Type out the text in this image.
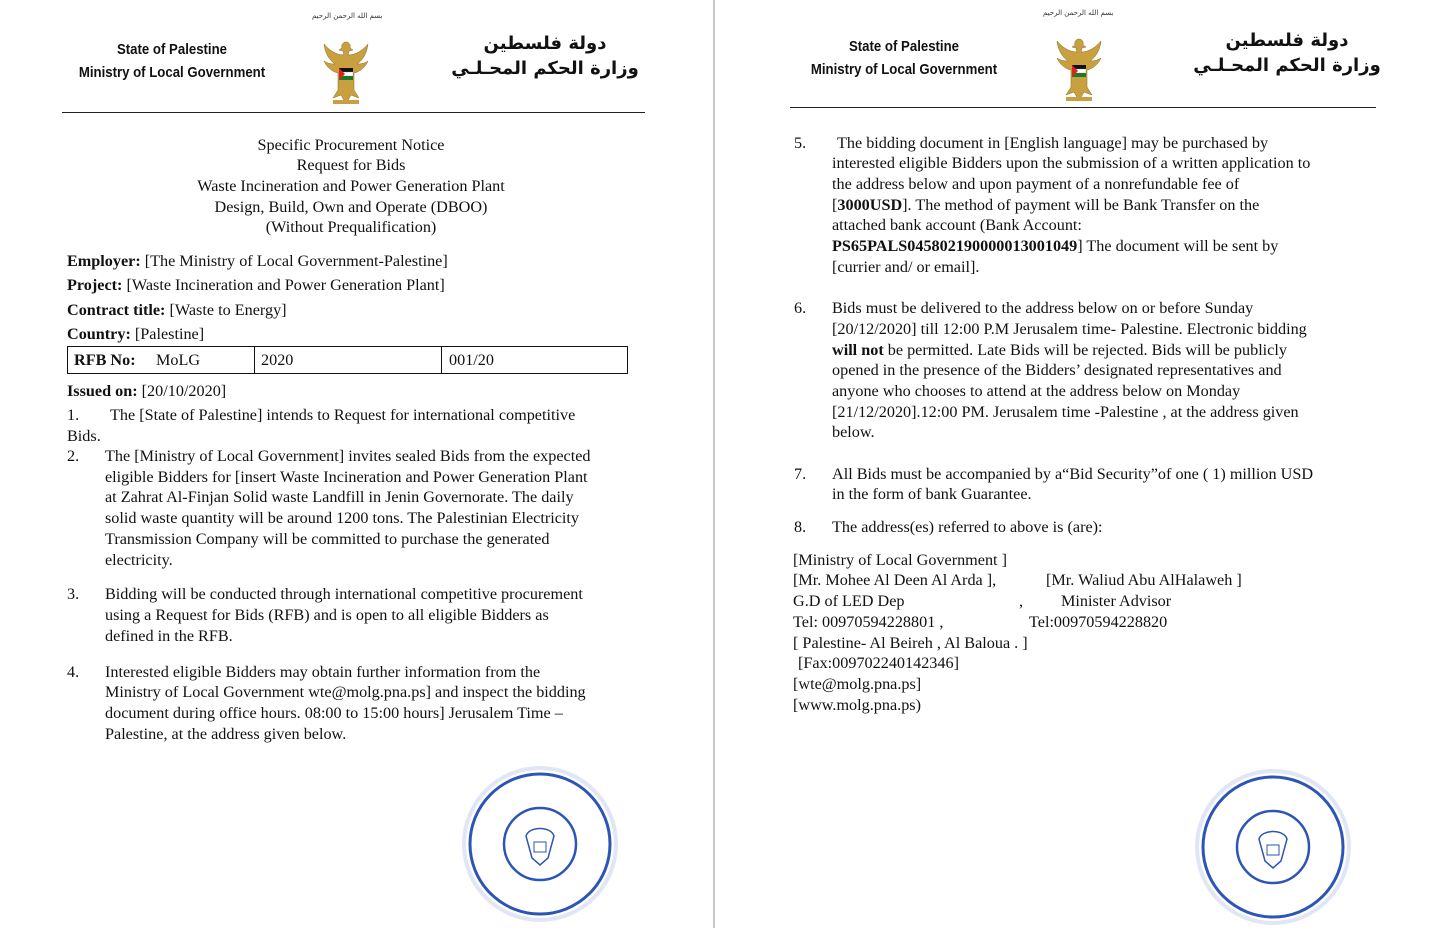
بسم الله الرحمن الرحيم
State of Palestine
Ministry of Local Government
دولة فلسطين
وزارة الحكم المحـلـي
Specific Procurement Notice
Request for Bids
Waste Incineration and Power Generation Plant
Design, Build, Own and Operate (DBOO)
(Without Prequalification)
Employer: [The Ministry of Local Government-Palestine]
Project: [Waste Incineration and Power Generation Plant]
Contract title: [Waste to Energy]
Country: [Palestine]
RFB No: MoLG	2020	001/20
Issued on: [20/10/2020]
1. The [State of Palestine] intends to Request for international competitive
Bids.
2. The [Ministry of Local Government] invites sealed Bids from the expected
eligible Bidders for [insert Waste Incineration and Power Generation Plant
at Zahrat Al-Finjan Solid waste Landfill in Jenin Governorate. The daily
solid waste quantity will be around 1200 tons. The Palestinian Electricity
Transmission Company will be committed to purchase the generated
electricity.
3. Bidding will be conducted through international competitive procurement
using a Request for Bids (RFB) and is open to all eligible Bidders as
defined in the RFB.
4. Interested eligible Bidders may obtain further information from the
Ministry of Local Government wte@molg.pna.ps] and inspect the bidding
document during office hours. 08:00 to 15:00 hours] Jerusalem Time –
Palestine, at the address given below.
بسم الله الرحمن الرحيم
State of Palestine
Ministry of Local Government
دولة فلسطين
وزارة الحكم المحـلـي
5. The bidding document in [English language] may be purchased by
interested eligible Bidders upon the submission of a written application to
the address below and upon payment of a nonrefundable fee of
[3000USD]. The method of payment will be Bank Transfer on the
attached bank account (Bank Account:
PS65PALS045802190000013001049] The document will be sent by
[currier and/ or email].
6. Bids must be delivered to the address below on or before Sunday
[20/12/2020] till 12:00 P.M Jerusalem time- Palestine. Electronic bidding
will not be permitted. Late Bids will be rejected. Bids will be publicly
opened in the presence of the Bidders’ designated representatives and
anyone who chooses to attend at the address below on Monday
[21/12/2020].12:00 PM. Jerusalem time -Palestine , at the address given
below.
7. All Bids must be accompanied by a“Bid Security”of one ( 1) million USD
in the form of bank Guarantee.
8. The address(es) referred to above is (are):
[Ministry of Local Government ]
[Mr. Mohee Al Deen Al Arda ],	[Mr. Waliud Abu AlHalaweh ]
G.D of LED Dep	, Minister Advisor
Tel: 00970594228801 ,	Tel:00970594228820
[ Palestine- Al Beireh , Al Baloua . ]
[Fax:009702240142346]
[wte@molg.pna.ps]
[www.molg.pna.ps)
